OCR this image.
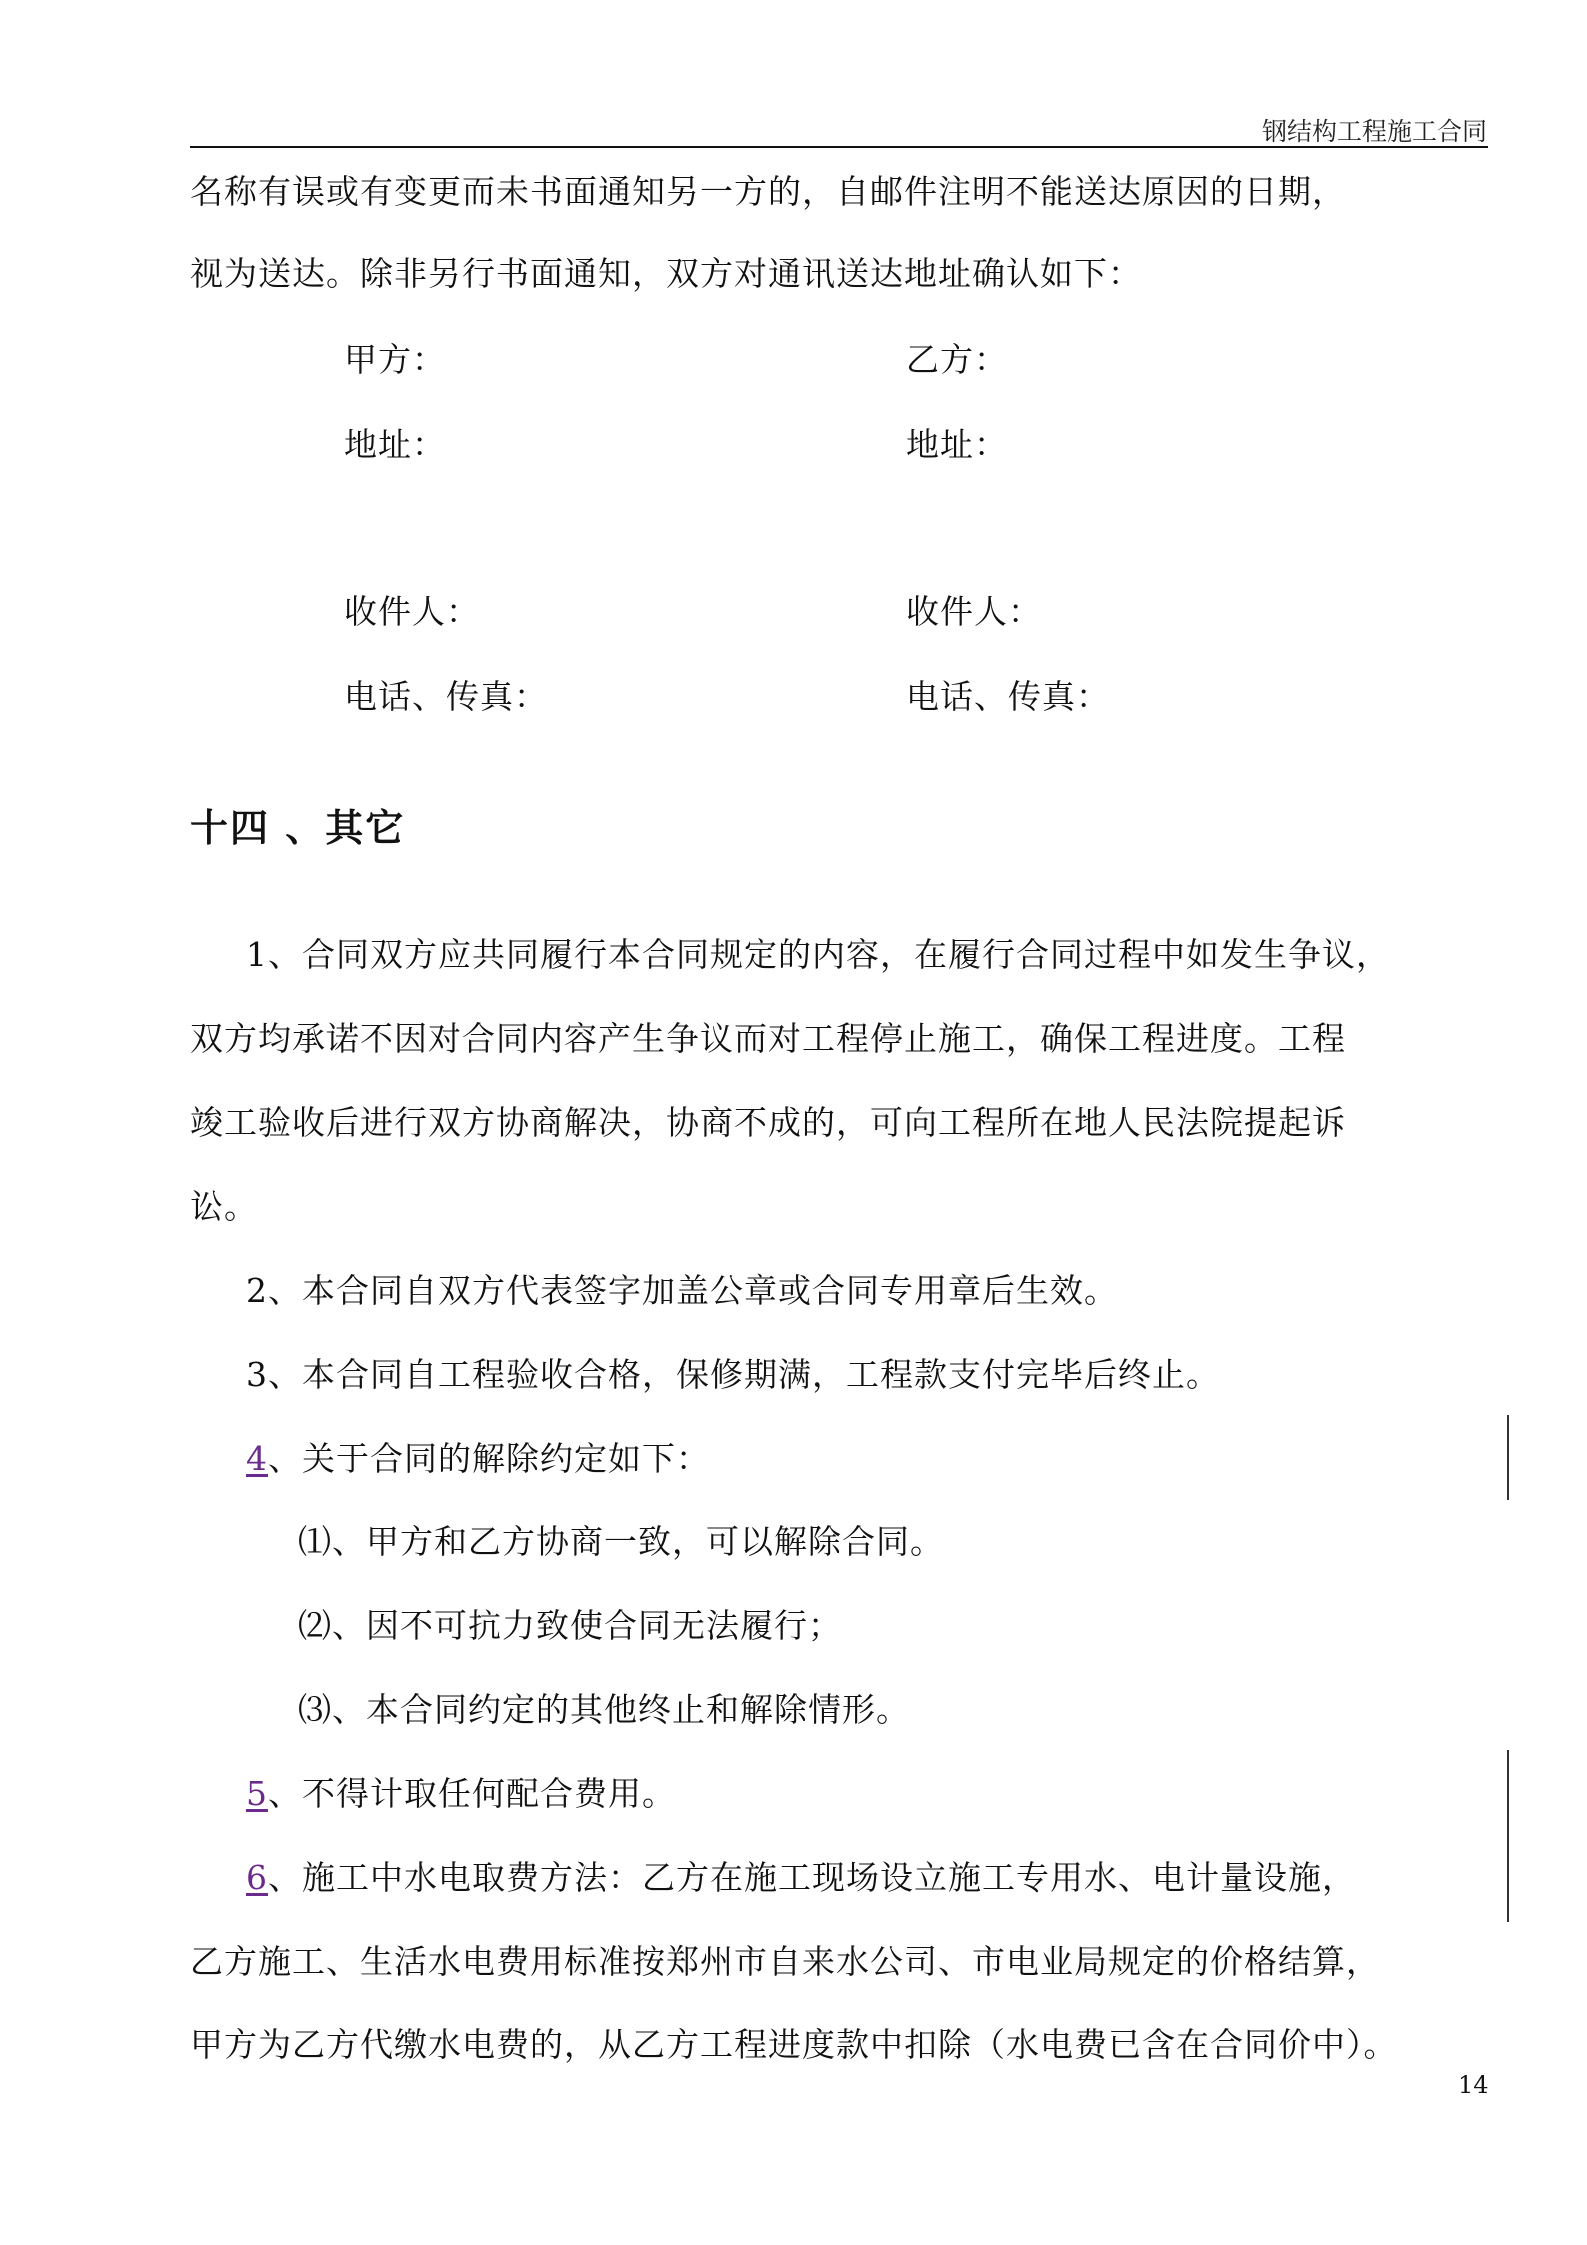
钢结构工程施工合同
名称有误或有变更而未书面通知另一方的，自邮件注明不能送达原因的日期，
视为送达。除非另行书面通知，双方对通讯送达地址确认如下：
甲方：	乙方：
地址：	地址：
收件人：	收件人：
电话、传真：	电话、传真：
十四 、其它
1、合同双方应共同履行本合同规定的内容，在履行合同过程中如发生争议，
双方均承诺不因对合同内容产生争议而对工程停止施工，确保工程进度。工程
竣工验收后进行双方协商解决，协商不成的，可向工程所在地人民法院提起诉
讼。
2、本合同自双方代表签字加盖公章或合同专用章后生效。
3、本合同自工程验收合格，保修期满，工程款支付完毕后终止。
4、关于合同的解除约定如下：
⑴、甲方和乙方协商一致，可以解除合同。
⑵、因不可抗力致使合同无法履行；
⑶、本合同约定的其他终止和解除情形。
5、不得计取任何配合费用。
6、施工中水电取费方法：乙方在施工现场设立施工专用水、电计量设施，
乙方施工、生活水电费用标准按郑州市自来水公司、市电业局规定的价格结算，
甲方为乙方代缴水电费的，从乙方工程进度款中扣除（水电费已含在合同价中）。
14
